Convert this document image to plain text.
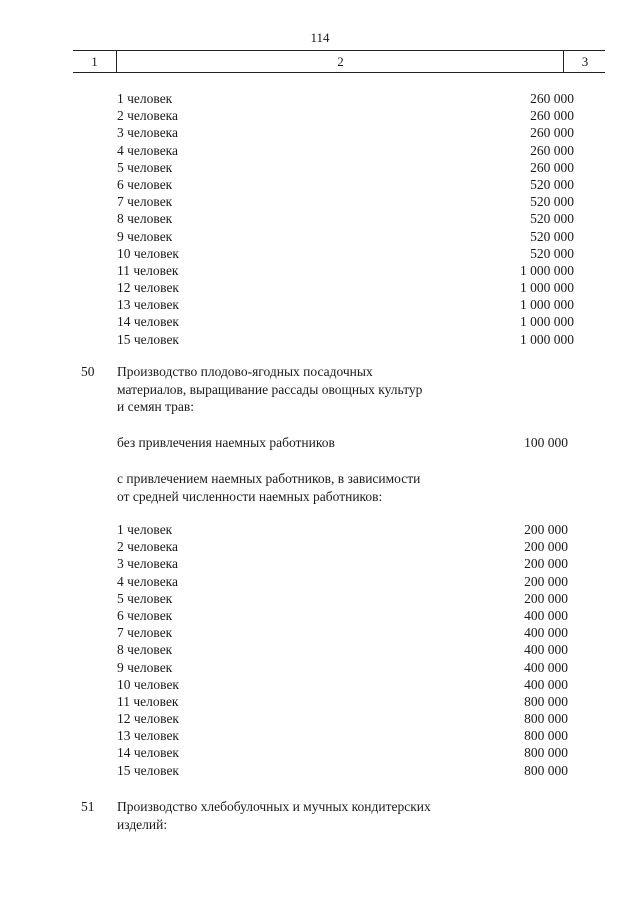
114
1	2	3
1 человек	260 000
2 человека	260 000
3 человека	260 000
4 человека	260 000
5 человек	260 000
6 человек	520 000
7 человек	520 000
8 человек	520 000
9 человек	520 000
10 человек	520 000
11 человек	1 000 000
12 человек	1 000 000
13 человек	1 000 000
14 человек	1 000 000
15 человек	1 000 000
50 Производство плодово-ягодных посадочных
материалов, выращивание рассады овощных культур
и семян трав:
без привлечения наемных работников	100 000
с привлечением наемных работников, в зависимости
от средней численности наемных работников:
1 человек	200 000
2 человека	200 000
3 человека	200 000
4 человека	200 000
5 человек	200 000
6 человек	400 000
7 человек	400 000
8 человек	400 000
9 человек	400 000
10 человек	400 000
11 человек	800 000
12 человек	800 000
13 человек	800 000
14 человек	800 000
15 человек	800 000
51 Производство хлебобулочных и мучных кондитерских
изделий:
